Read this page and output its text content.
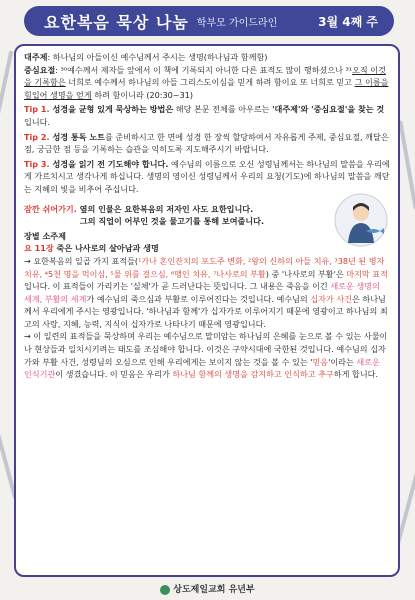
요한복음 묵상 나눔 학부모 가이드라인	3월 4째 주

대주제: 하나님의 아들이신 예수님께서 주시는 생명(하나님과 함께함)

중심요절: ³⁰예수께서 제자들 앞에서 이 책에 기록되지 아니한 다른 표적도 많이 행하셨으나 ³¹오직 이것을 기록함은 너희로 예수께서 하나님의 아들 그리스도이심을 믿게 하려 함이요 또 너희로 믿고 그 이름을 힘입어 생명을 얻게 하려 함이니라 (20:30~31)

Tip 1. 성경을 균형 있게 묵상하는 방법은 해당 본문 전체를 아우르는 '대주제'와 '중심요절'을 찾는 것입니다.

Tip 2. 성경 통독 노트를 준비하시고 한 면에 성경 한 장씩 할당하여서 자유롭게 주제, 중심요절, 깨달은 점, 궁금한 점 등을 기록하는 습관을 익히도록 지도해주시기 바랍니다.

Tip 3. 성경을 읽기 전 기도해야 합니다. 예수님의 이름으로 오신 성령님께서는 하나님의 말씀을 우리에게 가르치시고 생각나게 하십니다. 생명의 영이신 성령님께서 우리의 요청(기도)에 하나님의 말씀을 깨닫는 지혜의 빛을 비추어 주십니다.

잠깐 쉬어가기. 옆의 인물은 요한복음의 저자인 사도 요한입니다.

그의 직업이 어부인 것을 물고기를 통해 보여줍니다.

장별 소주제

요 11장 죽은 나사로의 살아남과 생명

→ 요한복음의 일곱 가지 표적들(¹가나 혼인잔치의 포도주 변화, ²왕의 신하의 아들 치유, ³38년 된 병자 치유, ⁴5천 명을 먹이심, ⁵물 위를 걸으심, ⁶맹인 치유, ⁷나사로의 부활) 중 '나사로의 부활'은 마지막 표적입니다. 이 표적들이 가리키는 '실체'가 곧 드러난다는 뜻입니다. 그 내용은 죽음을 이긴 새로운 생명의 세계, 부활의 세계가 예수님의 죽으심과 부활로 이루어진다는 것입니다. 예수님의 십자가 사건은 하나님께서 우리에게 주시는 영광입니다. '하나님과 함께'가 십자가로 이루어지기 때문에 영광이고 하나님의 최고의 사랑, 지혜, 능력, 지식이 십자가로 나타나기 때문에 영광입니다.

→ 이 일련의 표적들을 묵상하며 우리는 예수님으로 말미암는 하나님의 은혜를 눈으로 볼 수 있는 사물이나 현상들과 일치시키려는 태도를 조심해야 합니다. 이것은 구약시대에 국한된 것입니다. 예수님의 십자가와 부활 사건, 성령님의 오심으로 인해 우리에게는 보이지 않는 것을 볼 수 있는 '믿음'이라는 새로운 인식기관이 생겼습니다. 이 믿음은 우리가 하나님 함께의 생명을 감지하고 인식하고 추구하게 합니다.

상도제일교회 유년부
